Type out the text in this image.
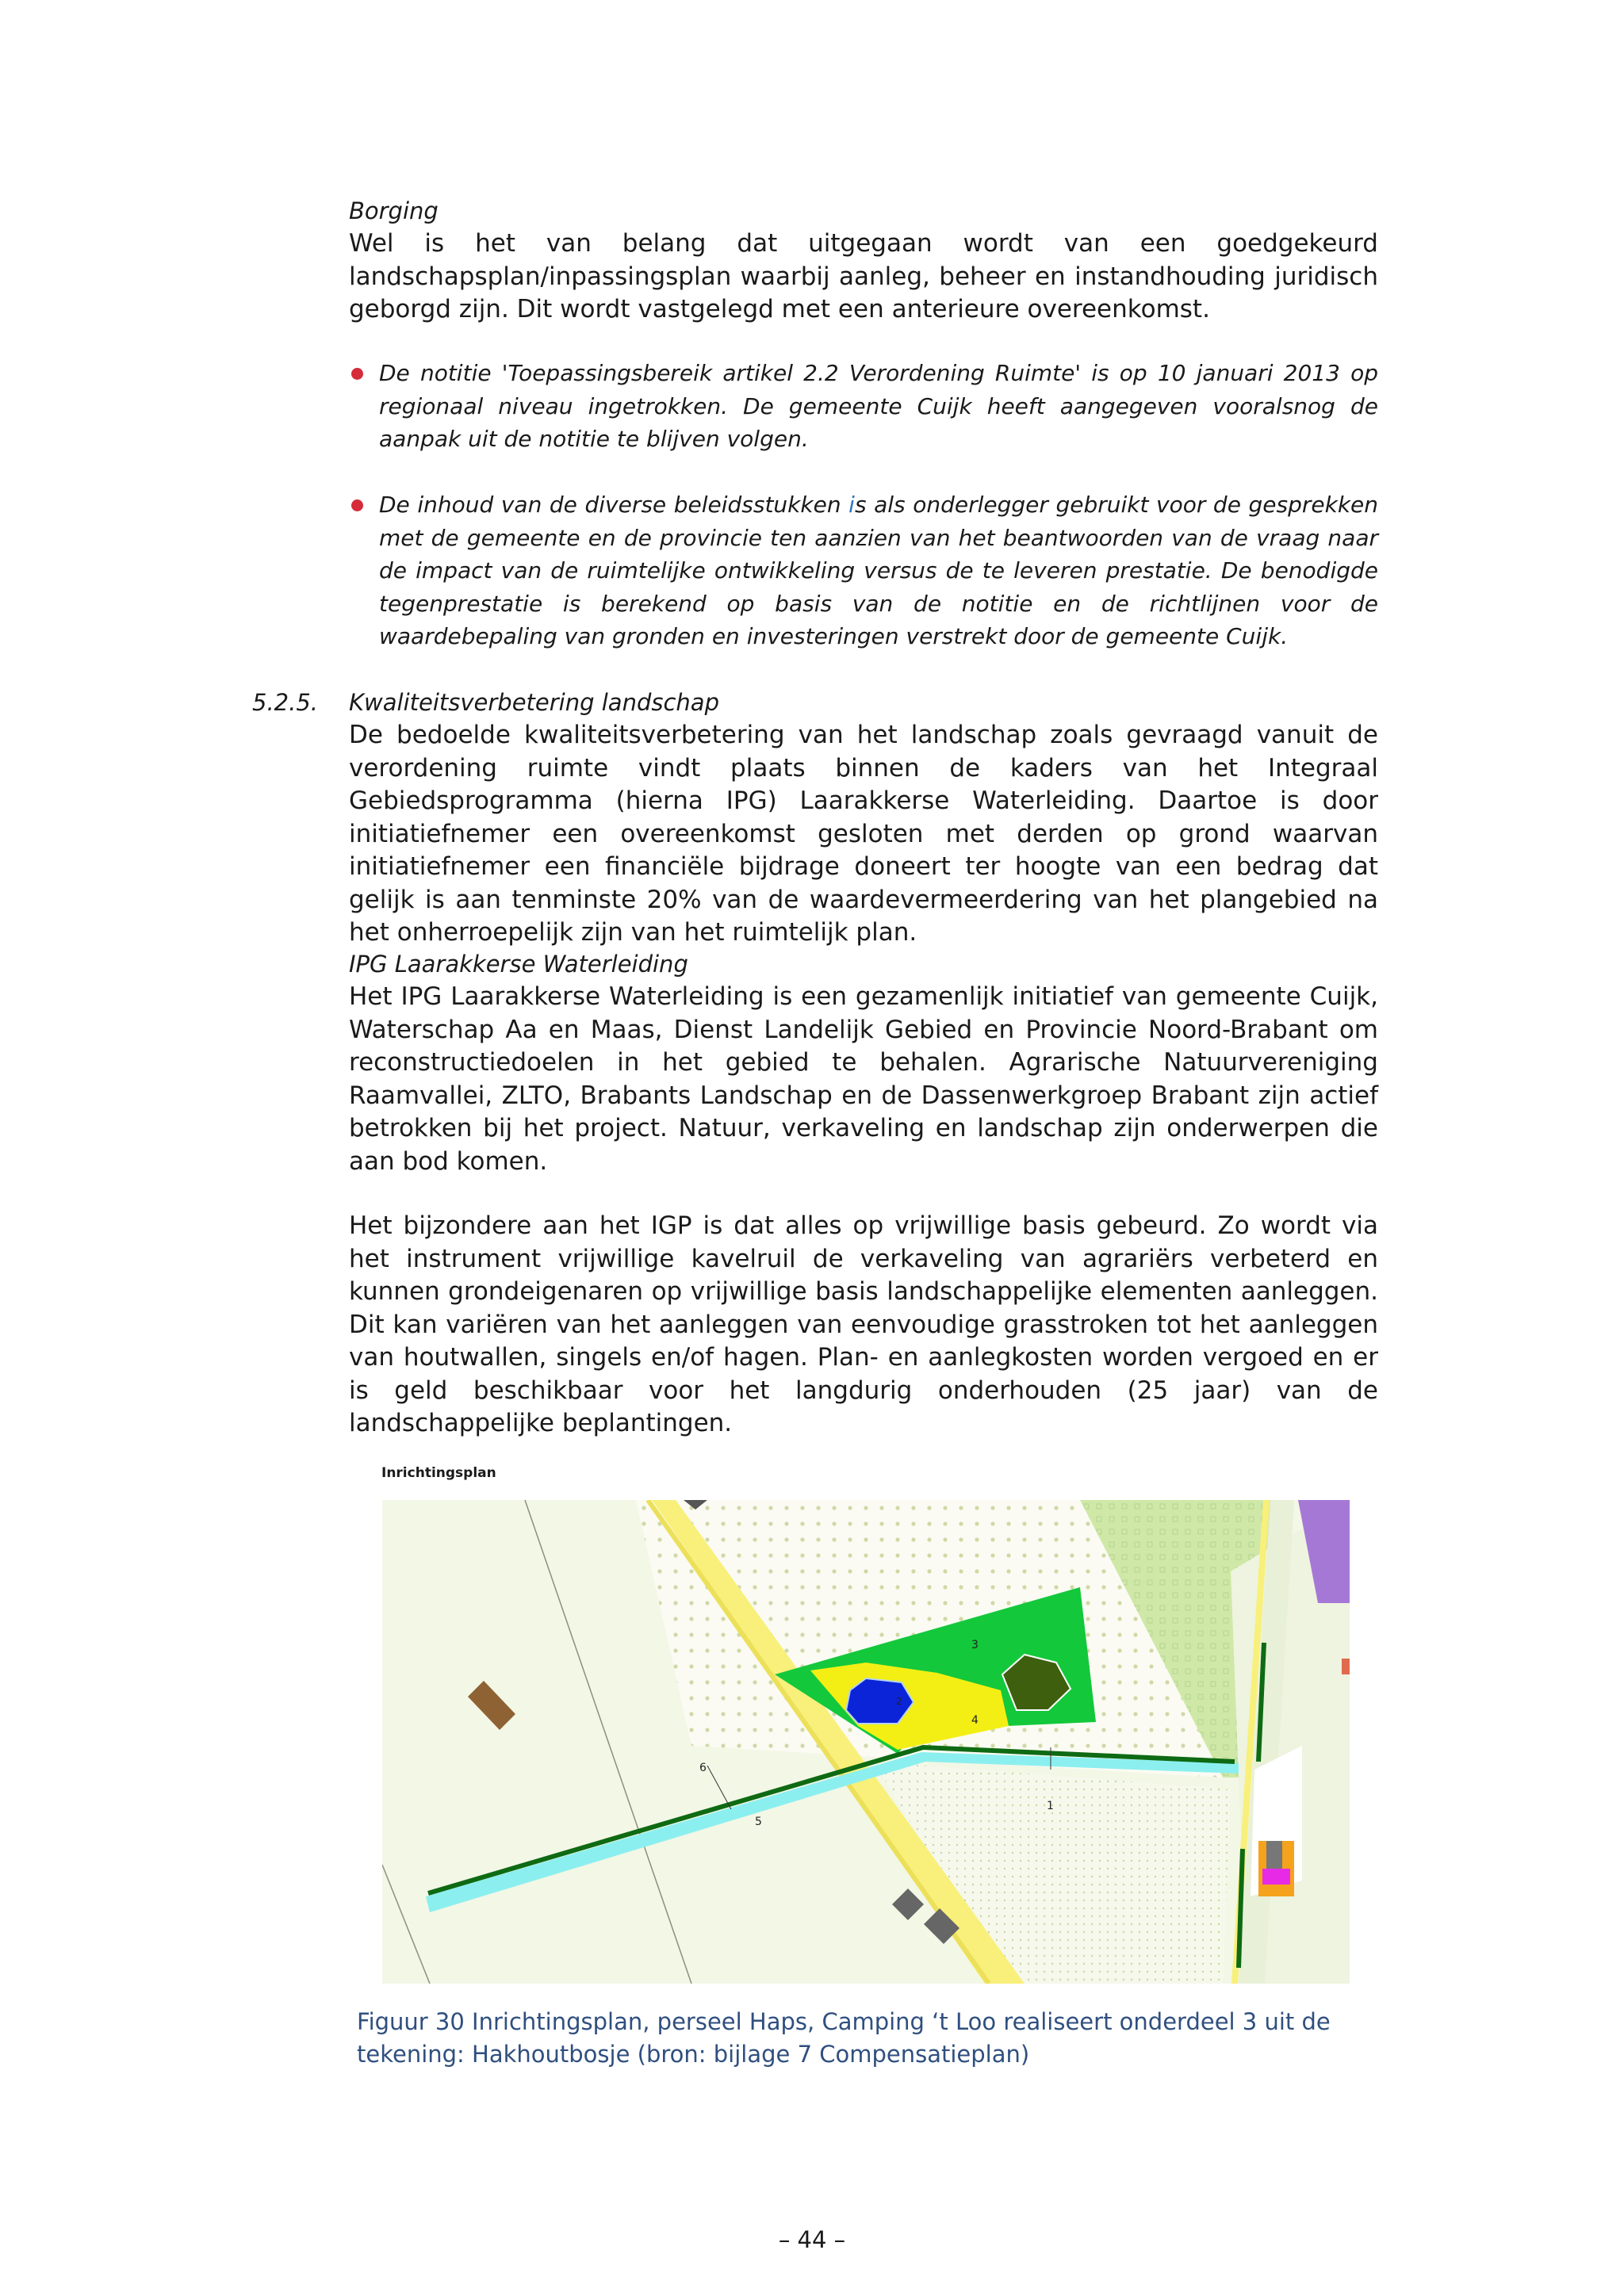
Borging
Wel is het van belang dat uitgegaan wordt van een goedgekeurd landschapsplan/inpassingsplan waarbij aanleg, beheer en instandhouding juridisch geborgd zijn. Dit wordt vastgelegd met een anterieure overeenkomst.
De notitie 'Toepassingsbereik artikel 2.2 Verordening Ruimte' is op 10 januari 2013 op regionaal niveau ingetrokken. De gemeente Cuijk heeft aangegeven vooralsnog de aanpak uit de notitie te blijven volgen.
De inhoud van de diverse beleidsstukken is als onderlegger gebruikt voor de gesprekken met de gemeente en de provincie ten aanzien van het beantwoorden van de vraag naar de impact van de ruimtelijke ontwikkeling versus de te leveren prestatie. De benodigde tegenprestatie is berekend op basis van de notitie en de richtlijnen voor de waardebepaling van gronden en investeringen verstrekt door de gemeente Cuijk.
5.2.5. Kwaliteitsverbetering landschap
De bedoelde kwaliteitsverbetering van het landschap zoals gevraagd vanuit de verordening ruimte vindt plaats binnen de kaders van het Integraal Gebiedsprogramma (hierna IPG) Laarakkerse Waterleiding. Daartoe is door initiatiefnemer een overeenkomst gesloten met derden op grond waarvan initiatiefnemer een financiële bijdrage doneert ter hoogte van een bedrag dat gelijk is aan tenminste 20% van de waardevermeerdering van het plangebied na het onherroepelijk zijn van het ruimtelijk plan.
IPG Laarakkerse Waterleiding
Het IPG Laarakkerse Waterleiding is een gezamenlijk initiatief van gemeente Cuijk, Waterschap Aa en Maas, Dienst Landelijk Gebied en Provincie Noord-Brabant om reconstructiedoelen in het gebied te behalen. Agrarische Natuurvereniging Raamvallei, ZLTO, Brabants Landschap en de Dassenwerkgroep Brabant zijn actief betrokken bij het project. Natuur, verkaveling en landschap zijn onderwerpen die aan bod komen.
Het bijzondere aan het IGP is dat alles op vrijwillige basis gebeurd. Zo wordt via het instrument vrijwillige kavelruil de verkaveling van agrariërs verbeterd en kunnen grondeigenaren op vrijwillige basis landschappelijke elementen aanleggen. Dit kan variëren van het aanleggen van eenvoudige grasstroken tot het aanleggen van houtwallen, singels en/of hagen. Plan- en aanlegkosten worden vergoed en er is geld beschikbaar voor het langdurig onderhouden (25 jaar) van de landschappelijke beplantingen.
Inrichtingsplan
3
2
4
6
5
1
Figuur 30 Inrichtingsplan, perseel Haps, Camping ‘t Loo realiseert onderdeel 3 uit de tekening: Hakhoutbosje (bron: bijlage 7 Compensatieplan)
– 44 –
